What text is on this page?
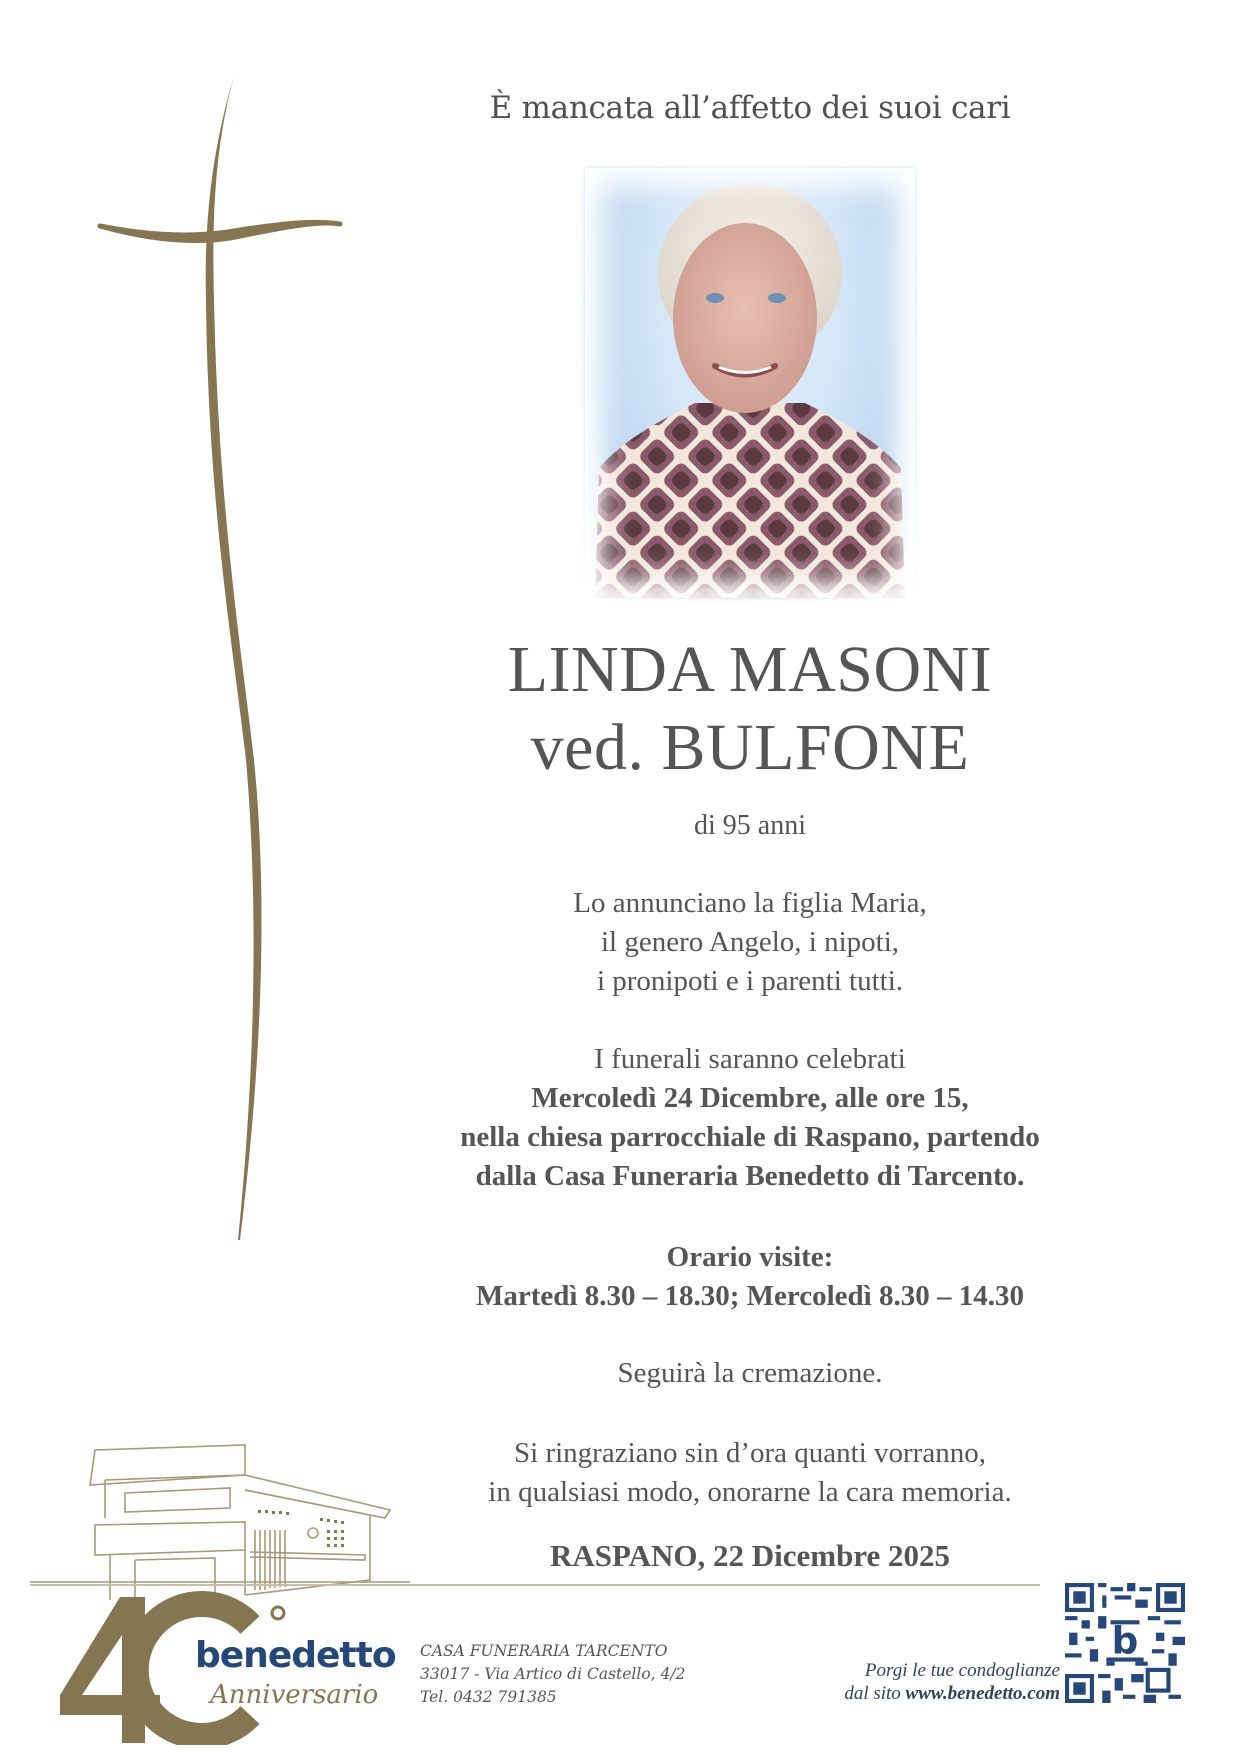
È mancata all’affetto dei suoi cari
LINDA MASONI
ved. BULFONE
di 95 anni
Lo annunciano la figlia Maria,
il genero Angelo, i nipoti,
i pronipoti e i parenti tutti.
I funerali saranno celebrati
Mercoledì 24 Dicembre, alle ore 15,
nella chiesa parrocchiale di Raspano, partendo
dalla Casa Funeraria Benedetto di Tarcento.
Orario visite:
Martedì 8.30 – 18.30; Mercoledì 8.30 – 14.30
Seguirà la cremazione.
Si ringraziano sin d’ora quanti vorranno,
in qualsiasi modo, onorarne la cara memoria.
RASPANO, 22 Dicembre 2025
benedetto
Anniversario
CASA FUNERARIA TARCENTO
33017 - Via Artico di Castello, 4/2
Tel. 0432 791385
Porgi le tue condoglianze
dal sito www.benedetto.com
b
